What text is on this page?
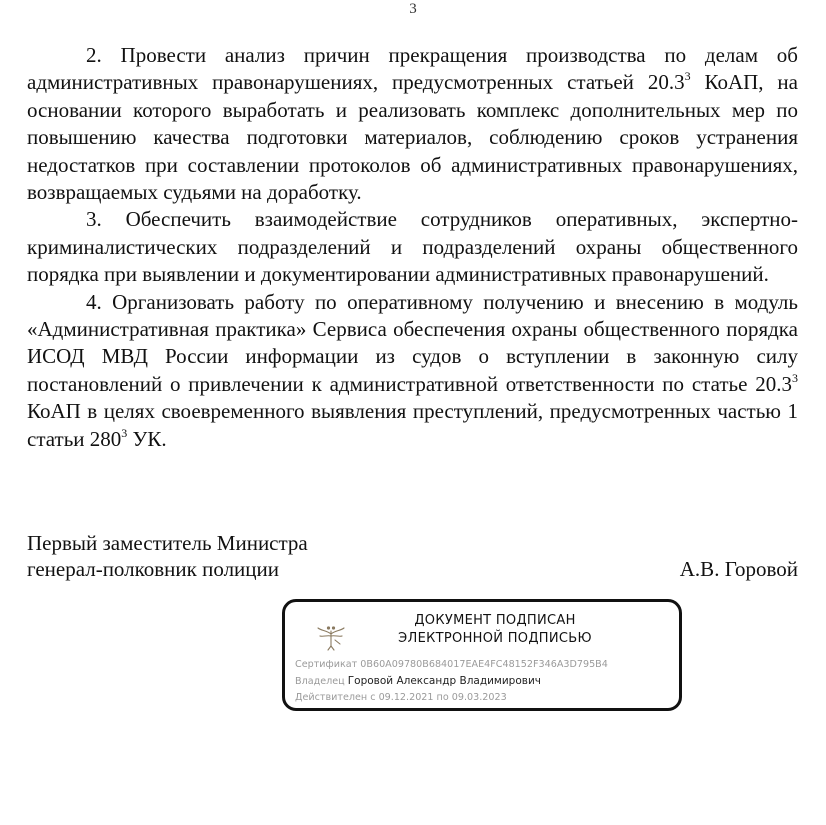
3

2. Провести анализ причин прекращения производства по делам об административных правонарушениях, предусмотренных статьей 20.3$^3$ КоАП, на основании которого выработать и реализовать комплекс дополнительных мер по повышению качества подготовки материалов, соблюдению сроков устранения недостатков при составлении протоколов об административных правонарушениях, возвращаемых судьями на доработку.

3. Обеспечить взаимодействие сотрудников оперативных, экспертно-криминалистических подразделений и подразделений охраны общественного порядка при выявлении и документировании административных правонарушений.

4. Организовать работу по оперативному получению и внесению в модуль «Административная практика» Сервиса обеспечения охраны общественного порядка ИСОД МВД России информации из судов о вступлении в законную силу постановлений о привлечении к административной ответственности по статье 20.3$^3$ КоАП в целях своевременного выявления преступлений, предусмотренных частью 1 статьи $280^3$ УК.

Первый заместитель Министра
генерал-полковник полиции	А.В. Горовой
ДОКУМЕНТ ПОДПИСАН
ЭЛЕКТРОННОЙ ПОДПИСЬЮ
Сертификат 0B60A09780B684017EAE4FC48152F346A3D795B4
Владелец Горовой Александр Владимирович
Действителен с 09.12.2021 по 09.03.2023
